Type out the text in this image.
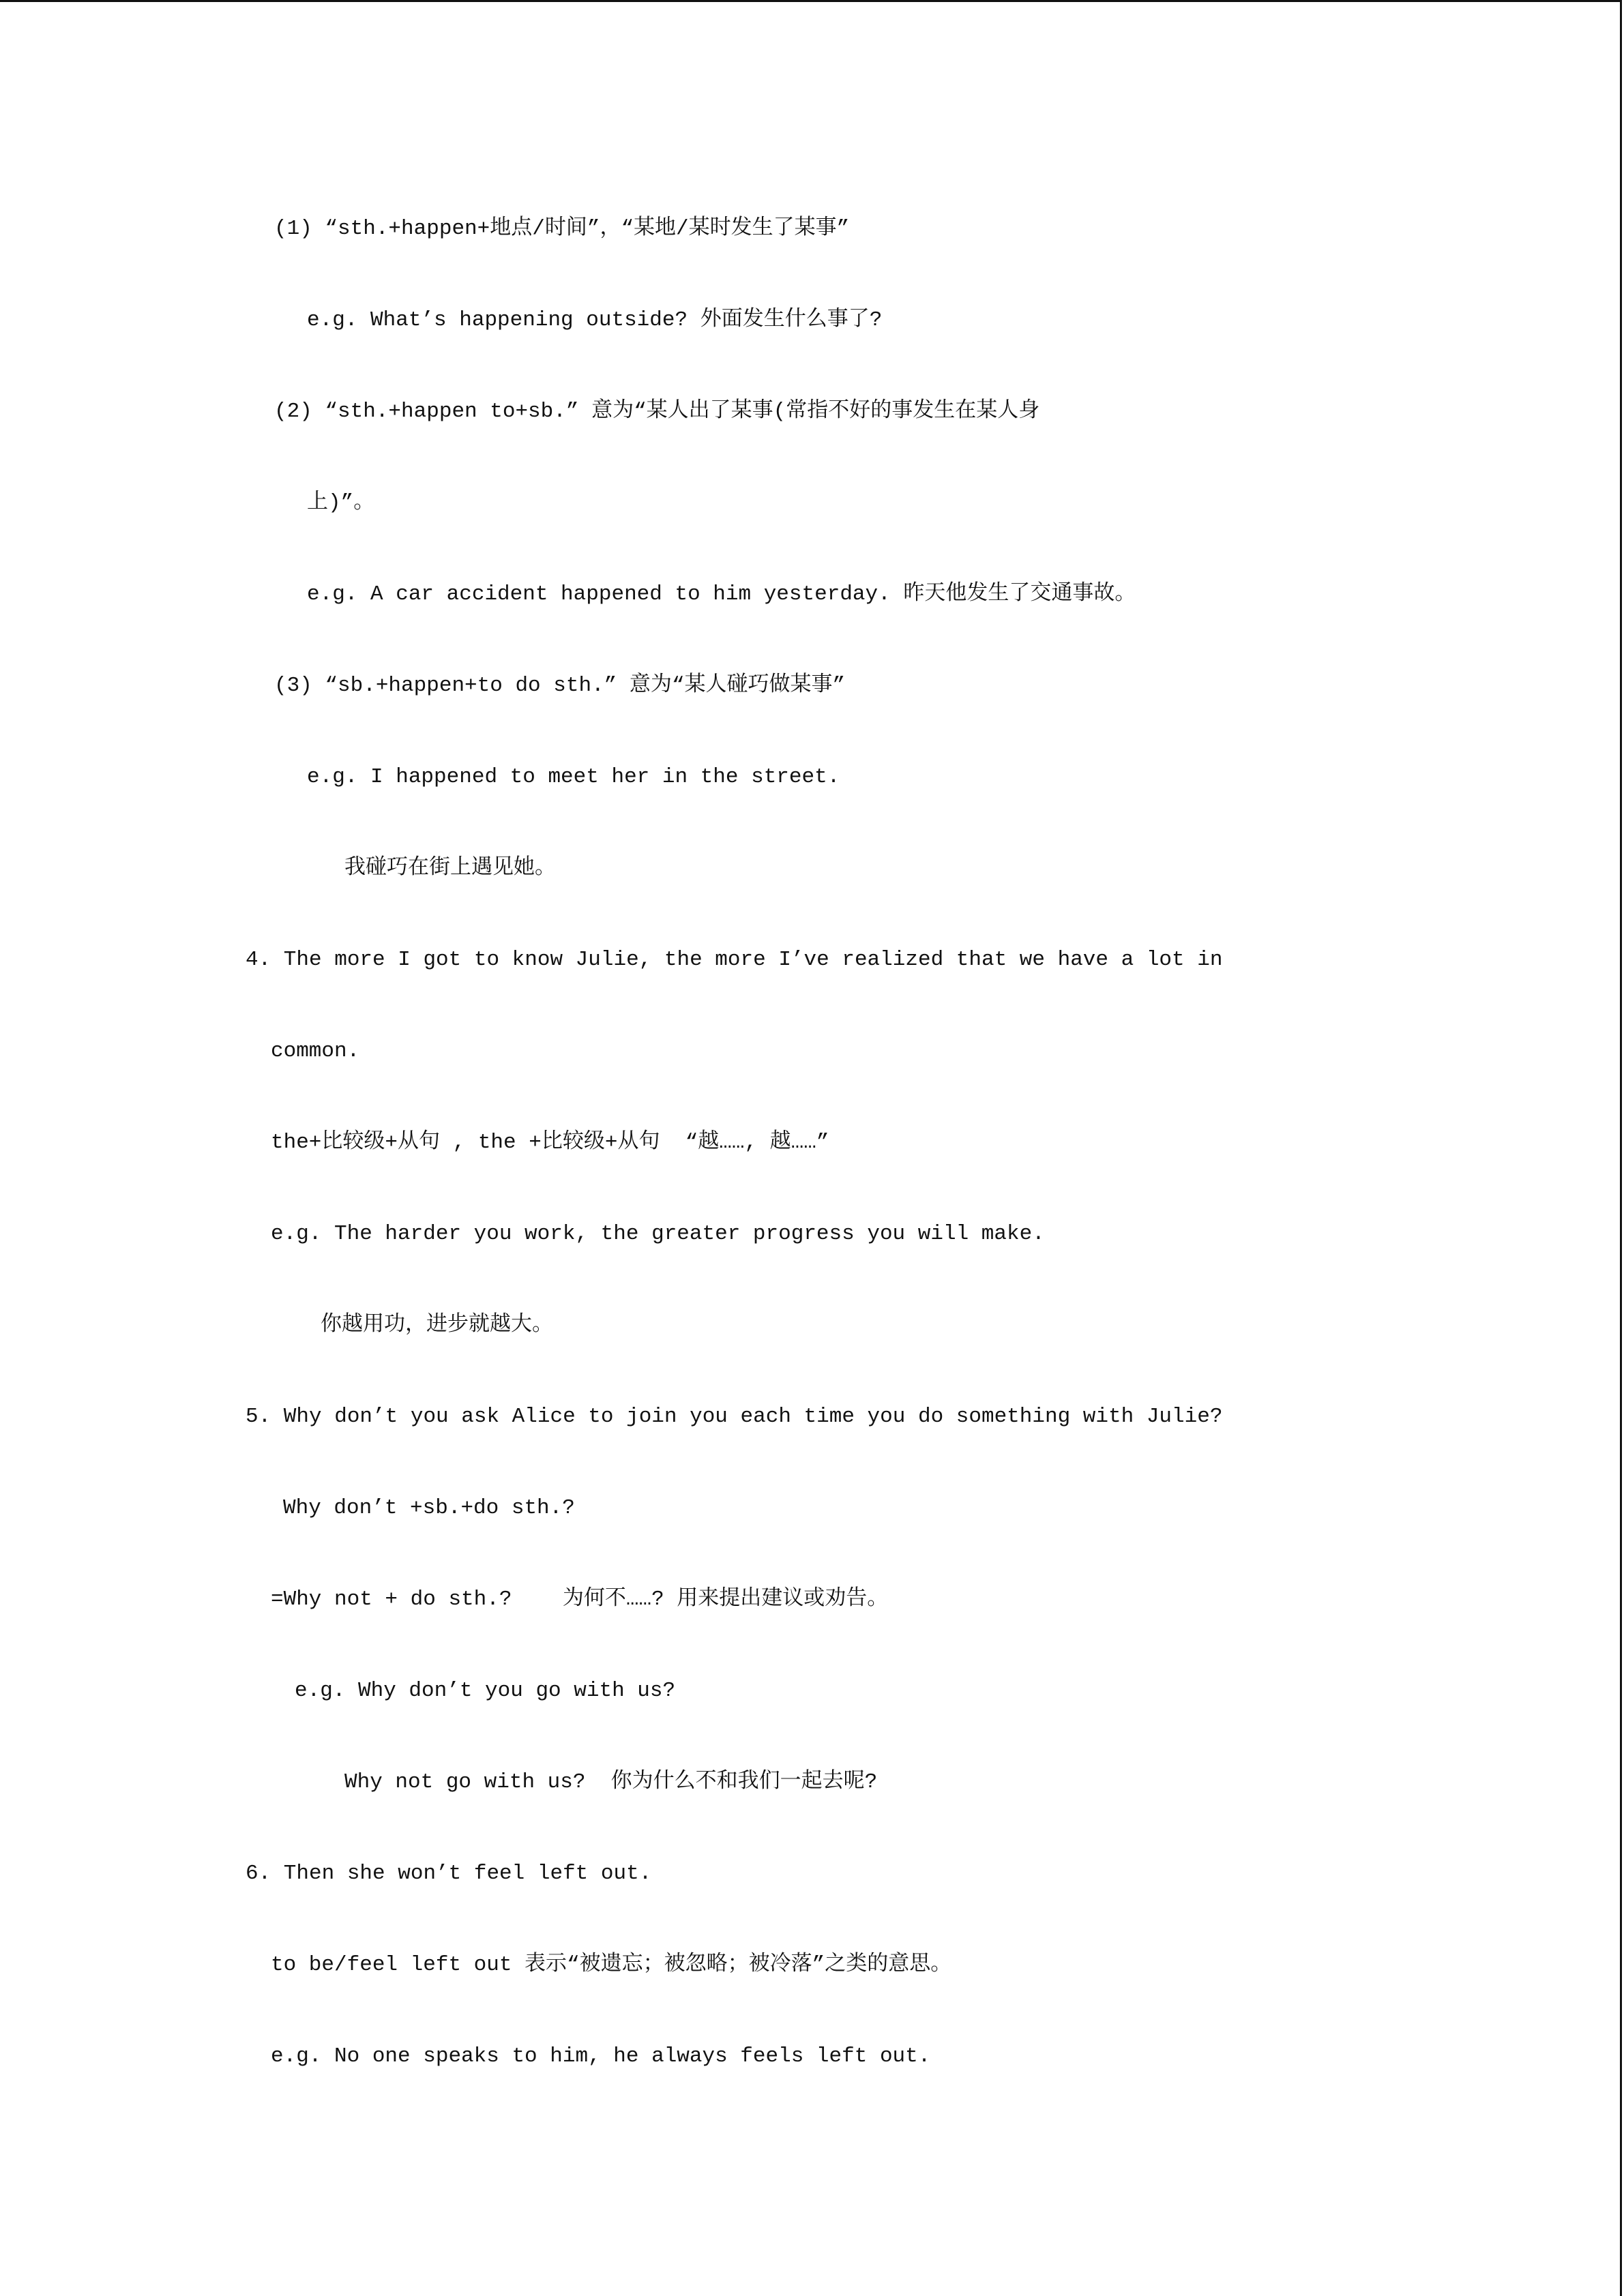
(1) “sth.+happen+地点/时间”，“某地/某时发生了某事”
e.g. What’s happening outside? 外面发生什么事了?
(2) “sth.+happen to+sb.” 意为“某人出了某事(常指不好的事发生在某人身
上)”。
e.g. A car accident happened to him yesterday. 昨天他发生了交通事故。
(3) “sb.+happen+to do sth.” 意为“某人碰巧做某事”
e.g. I happened to meet her in the street.
我碰巧在街上遇见她。
4. The more I got to know Julie, the more I’ve realized that we have a lot in
common.
the+比较级+从句 , the +比较级+从句  “越……, 越……”
e.g. The harder you work, the greater progress you will make.
你越用功，进步就越大。
5. Why don’t you ask Alice to join you each time you do something with Julie?
Why don’t +sb.+do sth.?
=Why not + do sth.?    为何不……? 用来提出建议或劝告。
e.g. Why don’t you go with us?
Why not go with us?  你为什么不和我们一起去呢?
6. Then she won’t feel left out.
to be/feel left out 表示“被遗忘；被忽略；被冷落”之类的意思。
e.g. No one speaks to him, he always feels left out.
